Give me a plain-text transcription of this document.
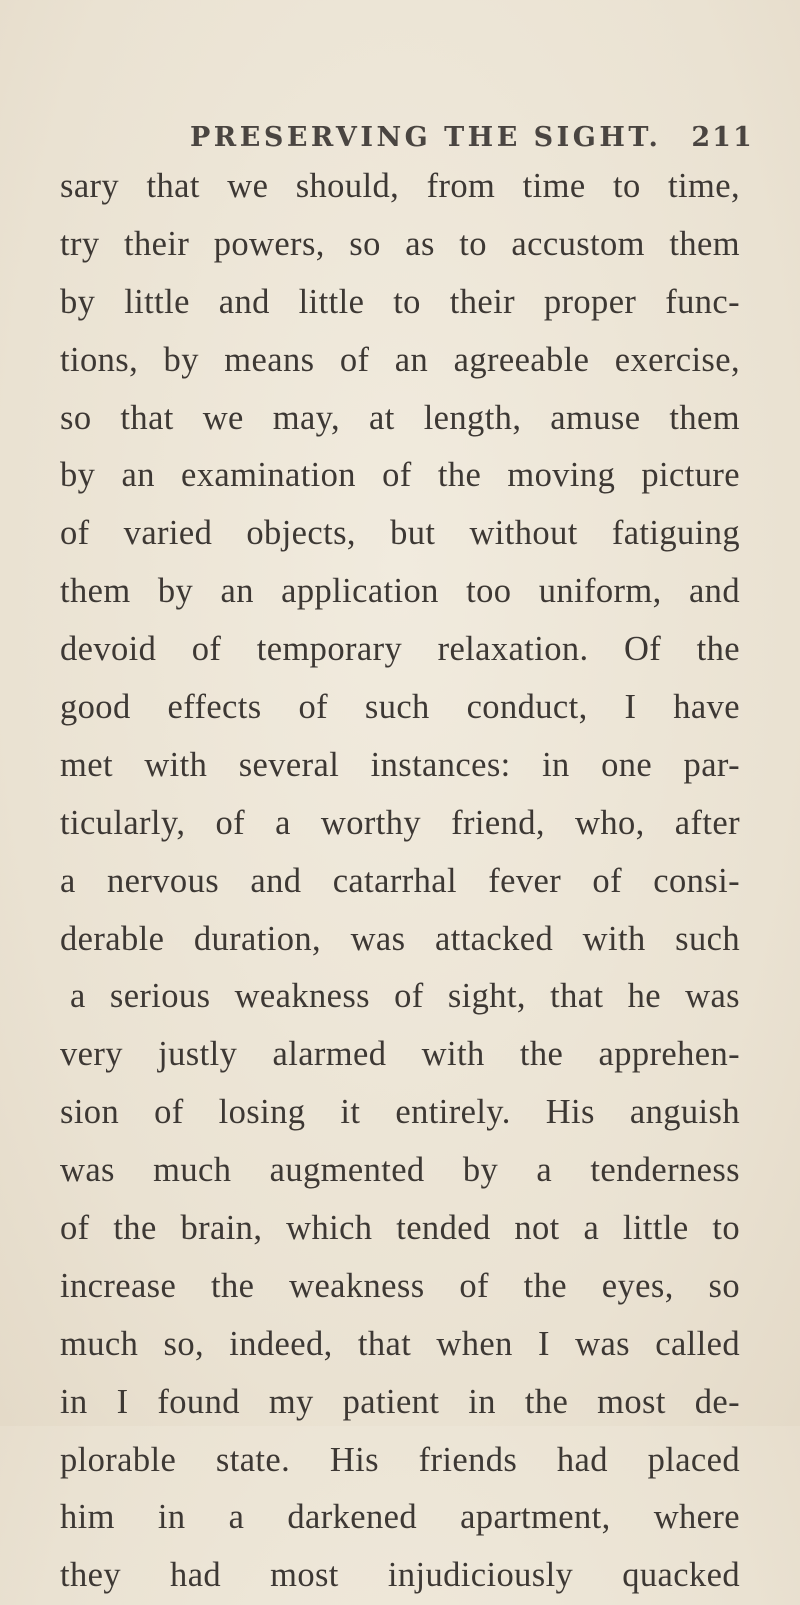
PRESERVING THE SIGHT. 211
sary that we should, from time to time,
try their powers, so as to accustom them
by little and little to their proper func-
tions, by means of an agreeable exercise,
so that we may, at length, amuse them
by an examination of the moving picture
of varied objects, but without fatiguing
them by an application too uniform, and
devoid of temporary relaxation. Of the
good effects of such conduct, I have
met with several instances: in one par-
ticularly, of a worthy friend, who, after
a nervous and catarrhal fever of consi-
derable duration, was attacked with such
a serious weakness of sight, that he was
very justly alarmed with the apprehen-
sion of losing it entirely. His anguish
was much augmented by a tenderness
of the brain, which tended not a little to
increase the weakness of the eyes, so
much so, indeed, that when I was called
in I found my patient in the most de-
plorable state. His friends had placed
him in a darkened apartment, where
they had most injudiciously quacked
